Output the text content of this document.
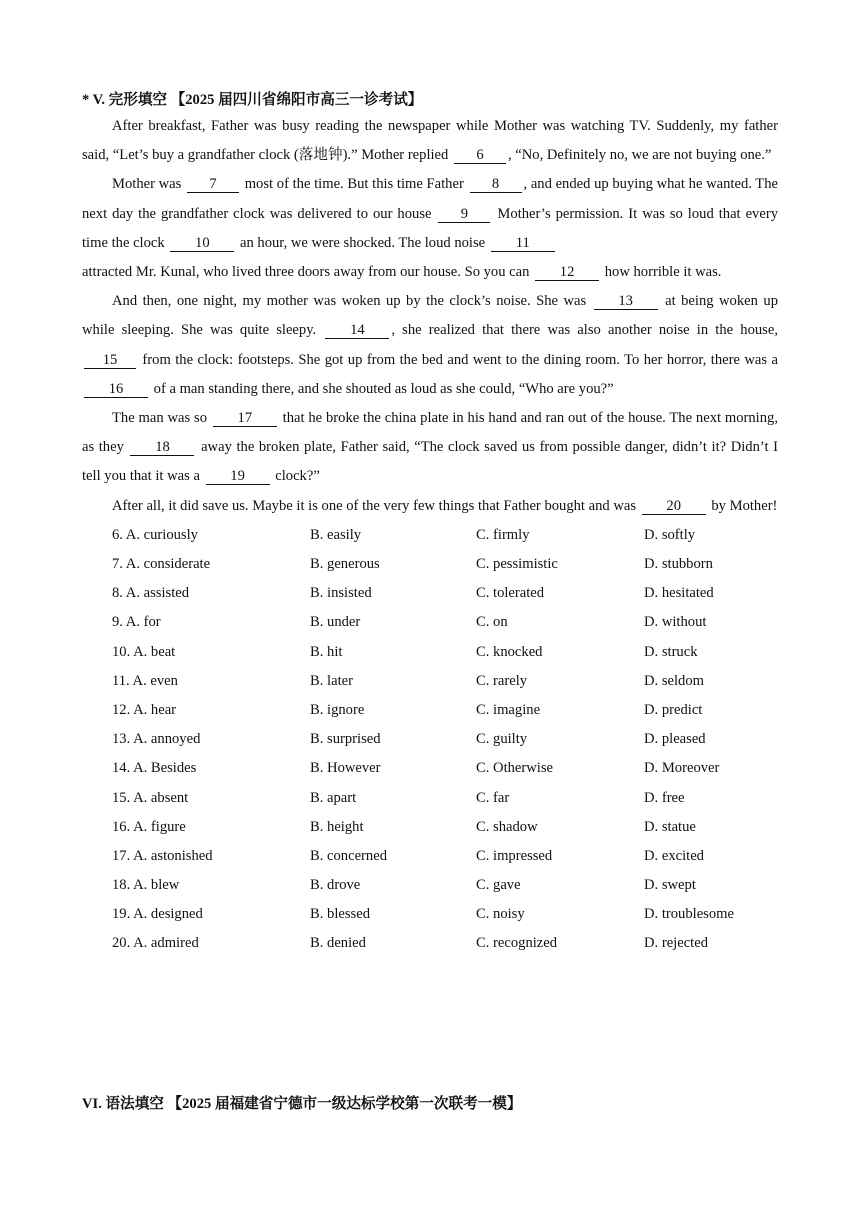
* V. 完形填空 【2025 届四川省绵阳市高三一诊考试】

After breakfast, Father was busy reading the newspaper while Mother was watching TV. Suddenly, my father said, “Let’s buy a grandfather clock (落地钟).” Mother replied 6 , “No, Definitely no, we are not buying one.”

Mother was 7 most of the time. But this time Father 8 , and ended up buying what he wanted. The next day the grandfather clock was delivered to our house 9 Mother’s permission. It was so loud that every time the clock 10 an hour, we were shocked. The loud noise 11
attracted Mr. Kunal, who lived three doors away from our house. So you can 12 how horrible it was.

And then, one night, my mother was woken up by the clock’s noise. She was 13 at being woken up while sleeping. She was quite sleepy. 14 , she realized that there was also another noise in the house, 15 from the clock: footsteps. She got up from the bed and went to the dining room. To her horror, there was a 16 of a man standing there, and she shouted as loud as she could, “Who are you?”

The man was so 17 that he broke the china plate in his hand and ran out of the house. The next morning, as they 18 away the broken plate, Father said, “The clock saved us from possible danger, didn’t it? Didn’t I tell you that it was a 19 clock?”

After all, it did save us. Maybe it is one of the very few things that Father bought and was 20 by Mother!

6. A. curiously	B. easily	C. firmly	D. softly
7. A. considerate	B. generous	C. pessimistic	D. stubborn
8. A. assisted	B. insisted	C. tolerated	D. hesitated
9. A. for	B. under	C. on	D. without
10. A. beat	B. hit	C. knocked	D. struck
11. A. even	B. later	C. rarely	D. seldom
12. A. hear	B. ignore	C. imagine	D. predict
13. A. annoyed	B. surprised	C. guilty	D. pleased
14. A. Besides	B. However	C. Otherwise	D. Moreover
15. A. absent	B. apart	C. far	D. free
16. A. figure	B. height	C. shadow	D. statue
17. A. astonished	B. concerned	C. impressed	D. excited
18. A. blew	B. drove	C. gave	D. swept
19. A. designed	B. blessed	C. noisy	D. troublesome
20. A. admired	B. denied	C. recognized	D. rejected
VI. 语法填空 【2025 届福建省宁德市一级达标学校第一次联考一模】
